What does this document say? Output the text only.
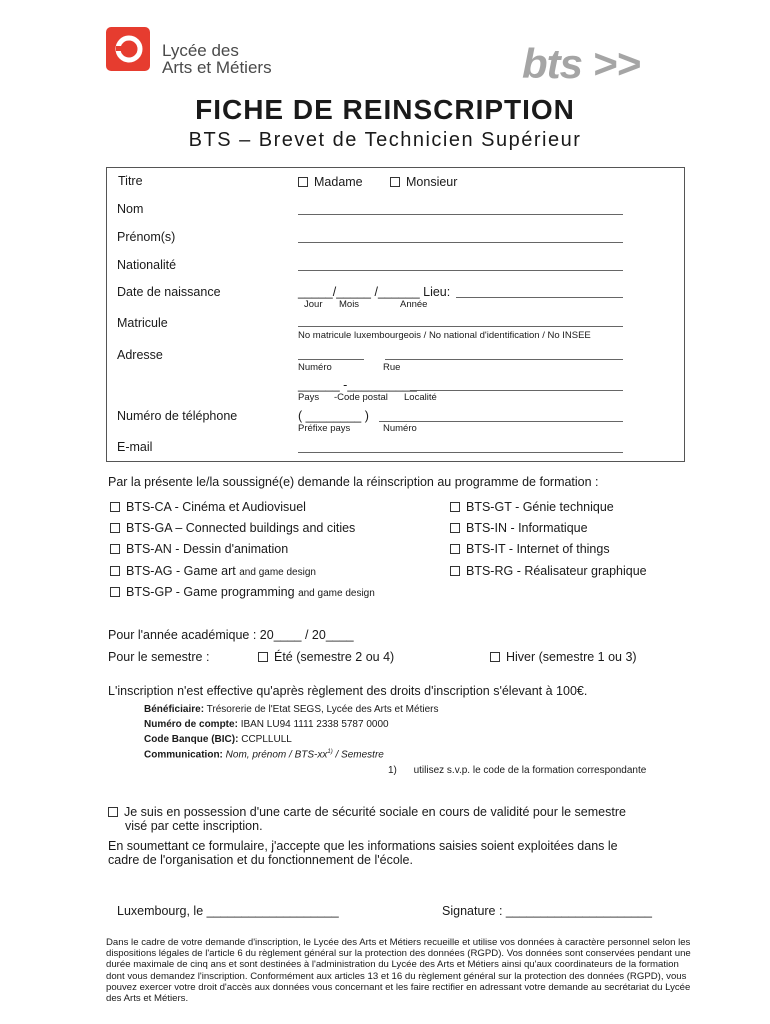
Lycée des
Arts et Métiers	bts >>
FICHE DE REINSCRIPTION
BTS – Brevet de Technicien Supérieur
Titre	Madame	Monsieur
Nom
Prénom(s)
Nationalité
Date de naissance	_____/_____ /______ Lieu:
Jour Mois	Année
Matricule
No matricule luxembourgeois / No national d'identification / No INSEE
Adresse
Numéro	Rue
______ -__________
Pays -Code postal Localité
Numéro de téléphone	( ________ )
Préfixe pays	Numéro
E-mail
Par la présente le/la soussigné(e) demande la réinscription au programme de formation :
BTS-CA - Cinéma et Audiovisuel
BTS-GA – Connected buildings and cities
BTS-AN - Dessin d'animation
BTS-AG - Game art and game design
BTS-GP - Game programming and game design
BTS-GT - Génie technique
BTS-IN - Informatique
BTS-IT - Internet of things
BTS-RG - Réalisateur graphique
Pour l'année académique : 20____ / 20____
Pour le semestre :	Été (semestre 2 ou 4)	Hiver (semestre 1 ou 3)
L'inscription n'est effective qu'après règlement des droits d'inscription s'élevant à 100€.
Bénéficiaire: Trésorerie de l'Etat SEGS, Lycée des Arts et Métiers
Numéro de compte: IBAN LU94 1111 2338 5787 0000
Code Banque (BIC): CCPLLULL
Communication: Nom, prénom / BTS-$xx^{1)}$ / Semestre
1) utilisez s.v.p. le code de la formation correspondante
Je suis en possession d'une carte de sécurité sociale en cours de validité pour le semestre
visé par cette inscription.
En soumettant ce formulaire, j'accepte que les informations saisies soient exploitées dans le
cadre de l'organisation et du fonctionnement de l'école.
Luxembourg, le ___________________	Signature : _____________________
Dans le cadre de votre demande d'inscription, le Lycée des Arts et Métiers recueille et utilise vos données à caractère personnel selon les dispositions légales de l'article 6 du règlement général sur la protection des données (RGPD). Vos données sont conservées pendant une durée maximale de cinq ans et sont destinées à l'administration du Lycée des Arts et Métiers ainsi qu'aux coordinateurs de la formation dont vous demandez l'inscription. Conformément aux articles 13 et 16 du règlement général sur la protection des données (RGPD), vous pouvez exercer votre droit d'accès aux données vous concernant et les faire rectifier en adressant votre demande au secrétariat du Lycée des Arts et Métiers.
